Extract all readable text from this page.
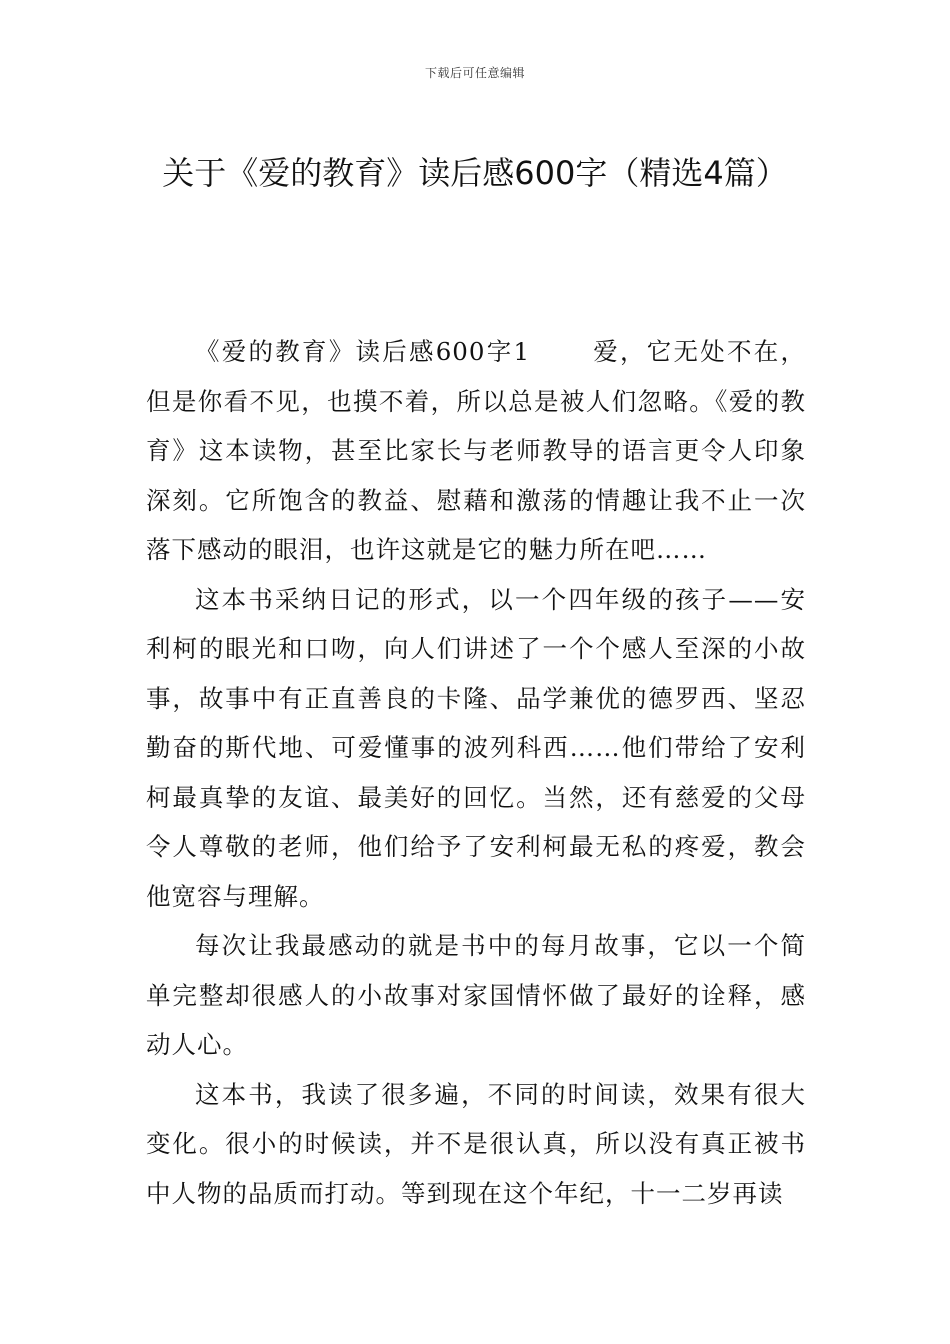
下载后可任意编辑
关于《爱的教育》读后感600字（精选4篇）

《爱的教育》读后感600字1	爱，它无处不在，但是你看不见，也摸不着，所以总是被人们忽略。《爱的教育》这本读物，甚至比家长与老师教导的语言更令人印象深刻。它所饱含的教益、慰藉和激荡的情趣让我不止一次落下感动的眼泪，也许这就是它的魅力所在吧……

这本书采纳日记的形式，以一个四年级的孩子——安利柯的眼光和口吻，向人们讲述了一个个感人至深的小故事，故事中有正直善良的卡隆、品学兼优的德罗西、坚忍勤奋的斯代地、可爱懂事的波列科西……他们带给了安利柯最真挚的友谊、最美好的回忆。当然，还有慈爱的父母令人尊敬的老师，他们给予了安利柯最无私的疼爱，教会他宽容与理解。

每次让我最感动的就是书中的每月故事，它以一个简单完整却很感人的小故事对家国情怀做了最好的诠释，感动人心。

这本书，我读了很多遍，不同的时间读，效果有很大变化。很小的时候读，并不是很认真，所以没有真正被书中人物的品质而打动。等到现在这个年纪，十一二岁再读
